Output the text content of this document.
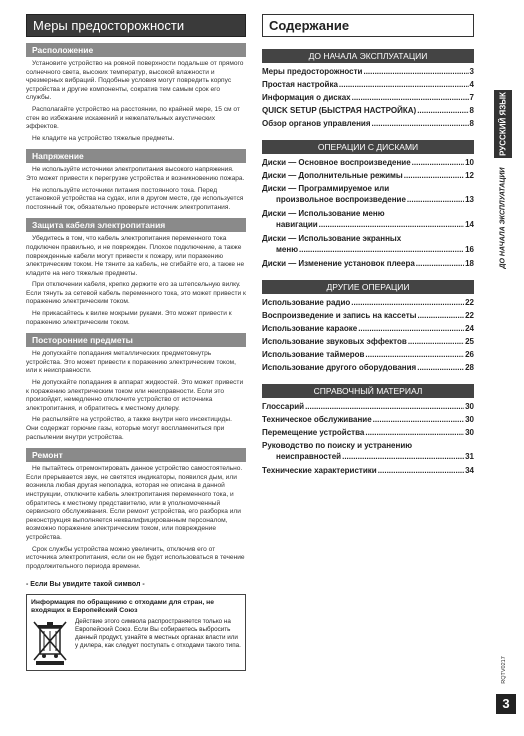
Меры предосторожности
Расположение

Установите устройство на ровной поверхности подальше от прямого солнечного света, высоких температур, высокой влажности и чрезмерных вибраций. Подобные условия могут повредить корпус устройства и другие компоненты, сократив тем самым срок его службы.

Располагайте устройство на расстоянии, по крайней мере, 15 см от стен во избежание искажений и нежелательных акустических эффектов.

Не кладите на устройство тяжелые предметы.

Напряжение

Не используйте источники электропитания высокого напряжения. Это может привести к перегрузке устройства и возникновению пожара.

Не используйте источники питания постоянного тока. Перед установкой устройства на судах, или в другом месте, где используется постоянный ток, обязательно проверьте источник электропитания.

Защита кабеля электропитания

Убедитесь в том, что кабель электропитания переменного тока подключен правильно, и не поврежден. Плохое подключение, а также поврежденные кабели могут привести к пожару, или поражению электрическим током. Не тяните за кабель, не сгибайте его, а также не кладите на него тяжелые предметы.

При отключении кабеля, крепко держите его за штепсельную вилку. Если тянуть за сетевой кабель переменного тока, это может привести к поражению электрическим током.

Не прикасайтесь к вилке мокрыми руками. Это может привести к поражению электрическим током.

Посторонние предметы

Не допускайте попадания металлических предметовнутрь устройства. Это может привести к поражению электрическим током, или к неисправности.

Не допускайте попадания в аппарат жидкостей. Это может привести к поражению электрическим током или неисправности. Если это произойдет, немедленно отключите устройство от источника электропитания, и обратитесь к местному дилеру.

Не распыляйте на устройство, а также внутри него инсектициды. Они содержат горючие газы, которые могут воспламениться при распылении внутри устройства.

Ремонт

Не пытайтесь отремонтировать данное устройство самостоятельно. Если прерывается звук, не светятся индикаторы, появился дым, или возникла любая другая неполадка, которая не описана в данной инструкции, отключите кабель электропитания переменного тока, и обратитесь к местному представителю, или в уполномоченный сервисного обслуживания. Если ремонт устройства, его разборка или реконструкция выполняется неквалифицированным персоналом, возможно поражение электрическим током, или повреждение устройства.

Срок службы устройства можно увеличить, отключив его от источника электропитания, если он не будет использоваться в течение продолжительного периода времени.

- Если Вы увидите такой символ -
Информация по обращению с отходами для стран, не входящих в Европейский Союз
Действие этого символа распространяется только на Европейский Союз. Если Вы собираетесь выбросить данный продукт, узнайте в местных органах власти или у дилера, как следует поступать с отходами такого типа.
Содержание
ДО НАЧАЛА ЭКСПЛУАТАЦИИ
Меры предосторожности .....	3
Простая настройка .....	4
Информация о дисках .....	7
QUICK SETUP (БЫСТРАЯ НАСТРОЙКА) .....	8
Обзор органов управления .....	8
ОПЕРАЦИИ С ДИСКАМИ
Диски — Основное воспроизведение .....	10
Диски — Дополнительные режимы .....	12
Диски — Программируемое или
произвольное воспроизведение .....	13
Диски — Использование меню
навигации .....	14
Диски — Использование экранных
меню .....	16
Диски — Изменение установок плеера .....	18
ДРУГИЕ ОПЕРАЦИИ
Использование радио .....	22
Воспроизведение и запись на кассеты .....	22
Использование караоке .....	24
Использование звуковых эффектов .....	25
Использование таймеров .....	26
Использование другого оборудования .....	28
СПРАВОЧНЫЙ МАТЕРИАЛ
Глоссарий .....	30
Техническое обслуживание .....	30
Перемещение устройства .....	30
Руководство по поиску и устранению
неисправностей .....	31
Технические характеристики .....	34
РУССКИЙ ЯЗЫК
ДО НАЧАЛА ЭКСПЛУАТАЦИИ
RQTV0217
3
